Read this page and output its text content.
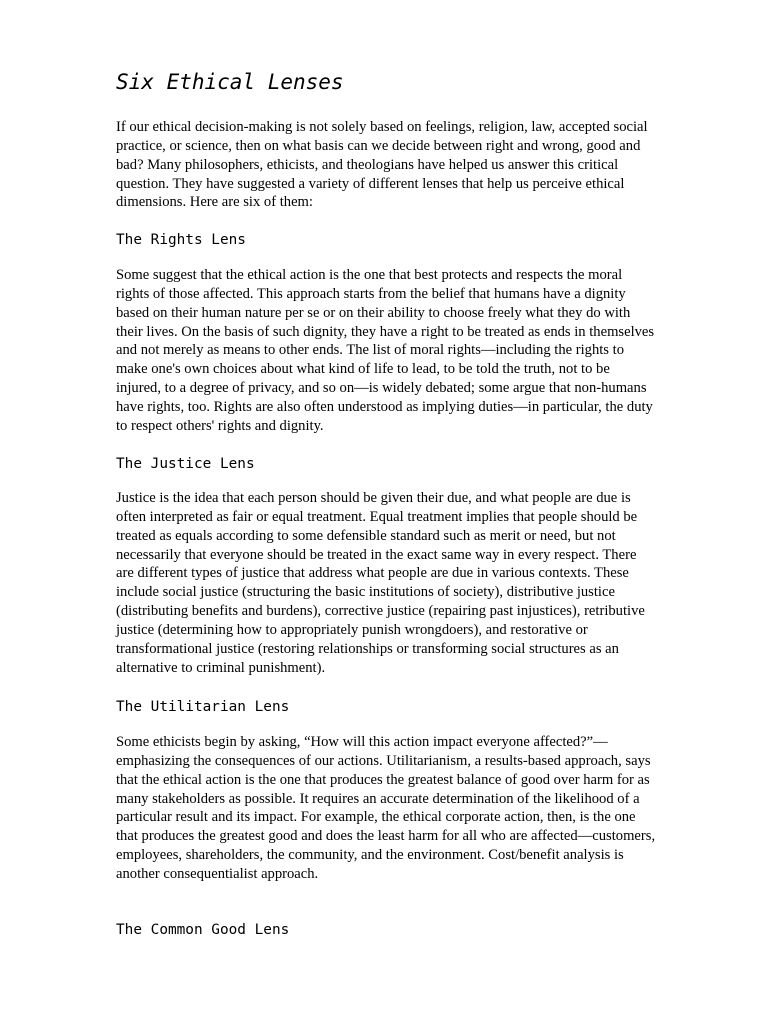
Six Ethical Lenses

If our ethical decision-making is not solely based on feelings, religion, law, accepted social practice, or science, then on what basis can we decide between right and wrong, good and bad? Many philosophers, ethicists, and theologians have helped us answer this critical question. They have suggested a variety of different lenses that help us perceive ethical dimensions. Here are six of them:

The Rights Lens

Some suggest that the ethical action is the one that best protects and respects the moral rights of those affected. This approach starts from the belief that humans have a dignity based on their human nature per se or on their ability to choose freely what they do with their lives. On the basis of such dignity, they have a right to be treated as ends in themselves and not merely as means to other ends. The list of moral rights—including the rights to make one's own choices about what kind of life to lead, to be told the truth, not to be injured, to a degree of privacy, and so on—is widely debated; some argue that non-humans have rights, too. Rights are also often understood as implying duties—in particular, the duty to respect others' rights and dignity.

The Justice Lens

Justice is the idea that each person should be given their due, and what people are due is often interpreted as fair or equal treatment. Equal treatment implies that people should be treated as equals according to some defensible standard such as merit or need, but not necessarily that everyone should be treated in the exact same way in every respect. There are different types of justice that address what people are due in various contexts. These include social justice (structuring the basic institutions of society), distributive justice (distributing benefits and burdens), corrective justice (repairing past injustices), retributive justice (determining how to appropriately punish wrongdoers), and restorative or transformational justice (restoring relationships or transforming social structures as an alternative to criminal punishment).

The Utilitarian Lens

Some ethicists begin by asking, “How will this action impact everyone affected?”—emphasizing the consequences of our actions. Utilitarianism, a results-based approach, says that the ethical action is the one that produces the greatest balance of good over harm for as many stakeholders as possible. It requires an accurate determination of the likelihood of a particular result and its impact. For example, the ethical corporate action, then, is the one that produces the greatest good and does the least harm for all who are affected—customers, employees, shareholders, the community, and the environment. Cost/benefit analysis is another consequentialist approach.

The Common Good Lens
